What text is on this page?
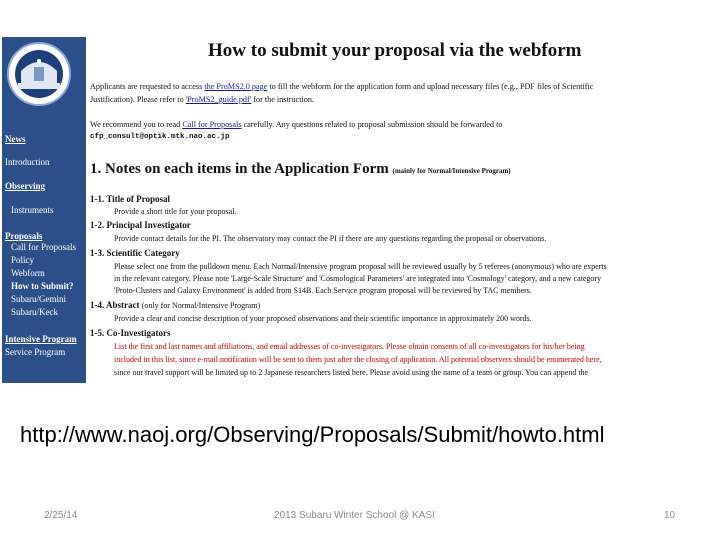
News
Introduction
Observing
Instruments
Proposals
Call for Proposals
Policy
Webform
How to Submit?
Subaru/Gemini
Subaru/Keck
Intensive Program
Service Program
How to submit your proposal via the webform
Applicants are requested to access the ProMS2.0 page to fill the webform for the application form and upload necessary files (e.g., PDF files of Scientific
Justification). Please refer to 'ProMS2_guide.pdf' for the instruction.
We recommend you to read Call for Proposals carefully. Any questions related to proposal submission should be forwarded to
cfp_consult@optik.mtk.nao.ac.jp
1. Notes on each items in the Application Form (mainly for Normal/Intensive Program)
1-1. Title of Proposal
Provide a short title for your proposal.
1-2. Principal Investigator
Provide contact details for the PI. The observatory may contact the PI if there are any questions regarding the proposal or observations.
1-3. Scientific Category
Please select one from the pulldown menu. Each Normal/Intensive program proposal will be reviewed usually by 5 referees (anonymous) who are experts
in the relevant category. Please note 'Large-Scale Structure' and 'Cosmological Parameters' are integrated into 'Cosmology' category, and a new category
'Proto-Clusters and Galaxy Environment' is added from S14B. Each Service program proposal will be reviewed by TAC members.
1-4. Abstract (only for Normal/Intensive Program)
Provide a clear and concise description of your proposed observations and their scientific importance in approximately 200 words.
1-5. Co-Investigators
List the first and last names and affiliations, and email addresses of co-investigators. Please obtain consents of all co-investigators for his/her being
included in this list, since e-mail notification will be sent to them just after the closing of application. All potential observers should be enumerated here,
since our travel support will be limited up to 2 Japanese researchers listed here. Please avoid using the name of a team or group. You can append the
http://www.naoj.org/Observing/Proposals/Submit/howto.html
2/25/14	2013 Subaru Winter School @ KASI	10
